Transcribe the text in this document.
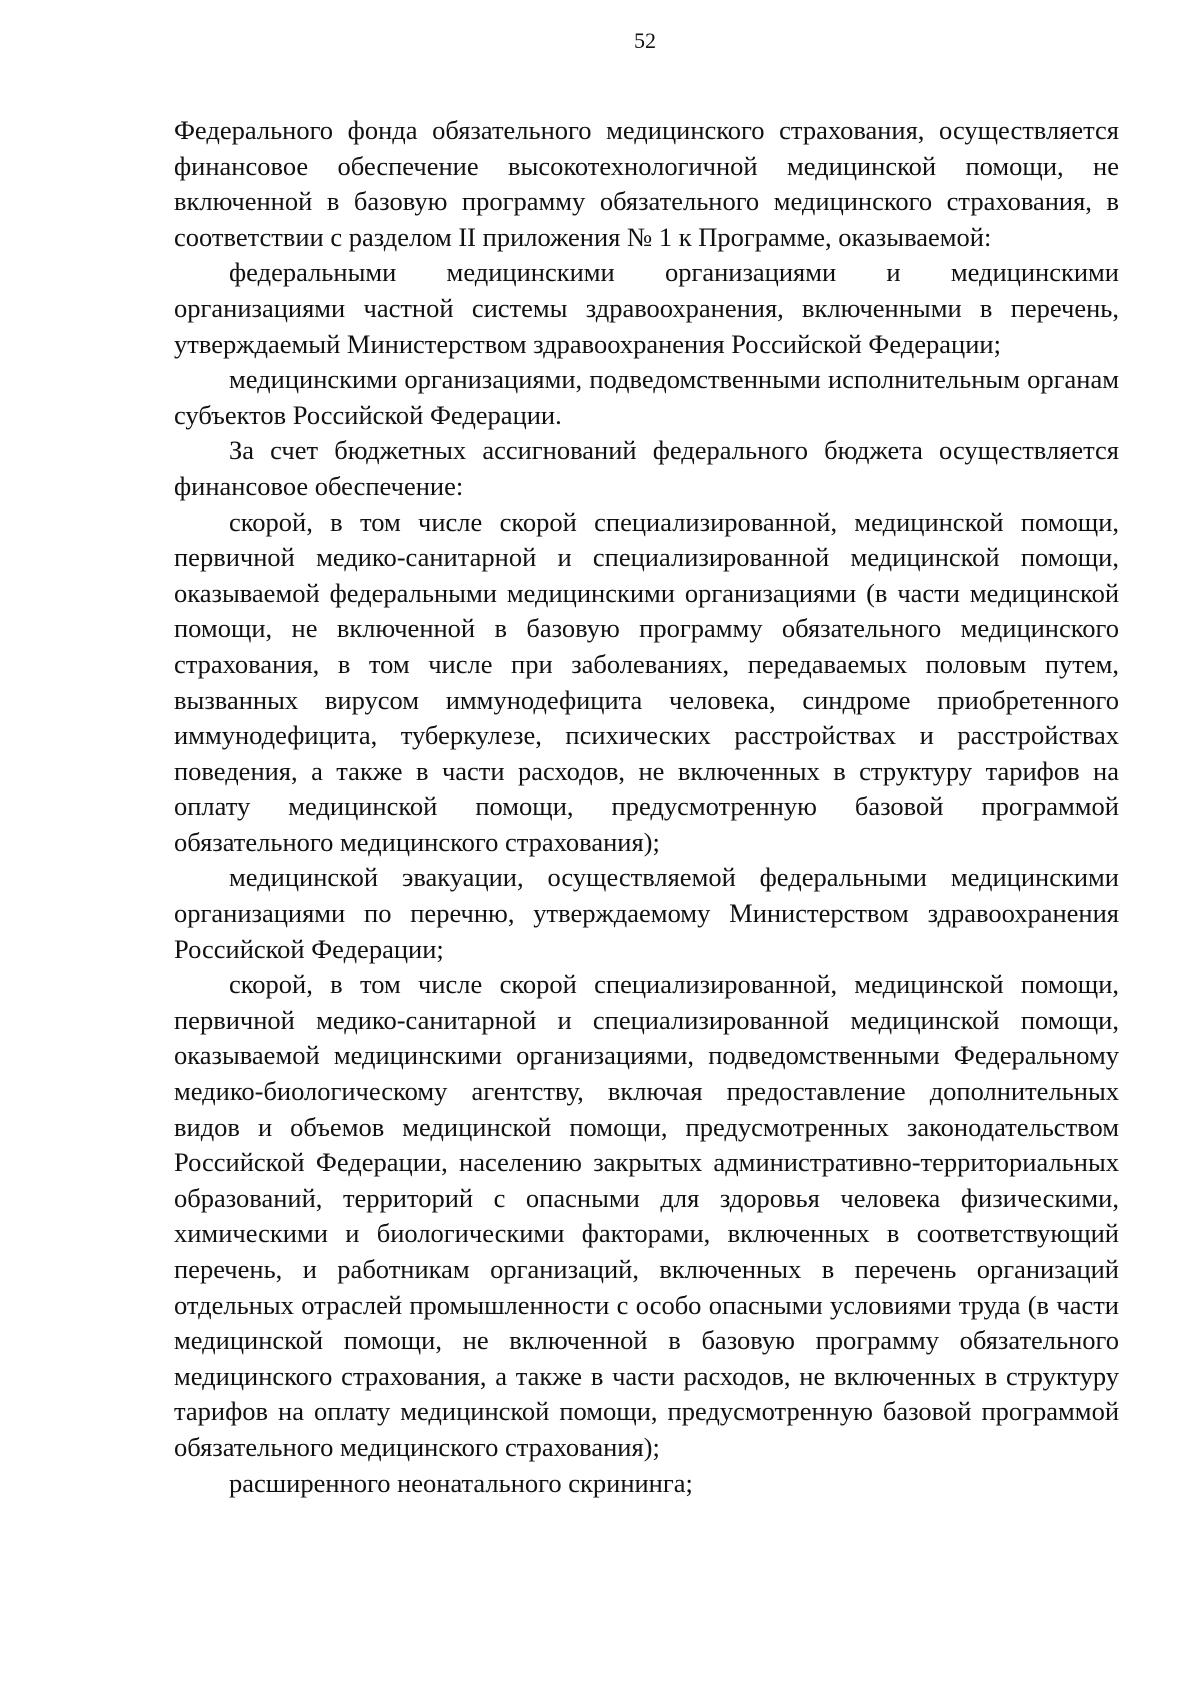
52

Федерального фонда обязательного медицинского страхования, осуществляется финансовое обеспечение высокотехнологичной медицинской помощи, не включенной в базовую программу обязательного медицинского страхования, в соответствии с разделом II приложения № 1 к Программе, оказываемой:

федеральными медицинскими организациями и медицинскими организациями частной системы здравоохранения, включенными в перечень, утверждаемый Министерством здравоохранения Российской Федерации;

медицинскими организациями, подведомственными исполнительным органам субъектов Российской Федерации.

За счет бюджетных ассигнований федерального бюджета осуществляется финансовое обеспечение:

скорой, в том числе скорой специализированной, медицинской помощи, первичной медико-санитарной и специализированной медицинской помощи, оказываемой федеральными медицинскими организациями (в части медицинской помощи, не включенной в базовую программу обязательного медицинского страхования, в том числе при заболеваниях, передаваемых половым путем, вызванных вирусом иммунодефицита человека, синдроме приобретенного иммунодефицита, туберкулезе, психических расстройствах и расстройствах поведения, а также в части расходов, не включенных в структуру тарифов на оплату медицинской помощи, предусмотренную базовой программой обязательного медицинского страхования);

медицинской эвакуации, осуществляемой федеральными медицинскими организациями по перечню, утверждаемому Министерством здравоохранения Российской Федерации;

скорой, в том числе скорой специализированной, медицинской помощи, первичной медико-санитарной и специализированной медицинской помощи, оказываемой медицинскими организациями, подведомственными Федеральному медико-биологическому агентству, включая предоставление дополнительных видов и объемов медицинской помощи, предусмотренных законодательством Российской Федерации, населению закрытых административно-территориальных образований, территорий с опасными для здоровья человека физическими, химическими и биологическими факторами, включенных в соответствующий перечень, и работникам организаций, включенных в перечень организаций отдельных отраслей промышленности с особо опасными условиями труда (в части медицинской помощи, не включенной в базовую программу обязательного медицинского страхования, а также в части расходов, не включенных в структуру тарифов на оплату медицинской помощи, предусмотренную базовой программой обязательного медицинского страхования);

расширенного неонатального скрининга;
